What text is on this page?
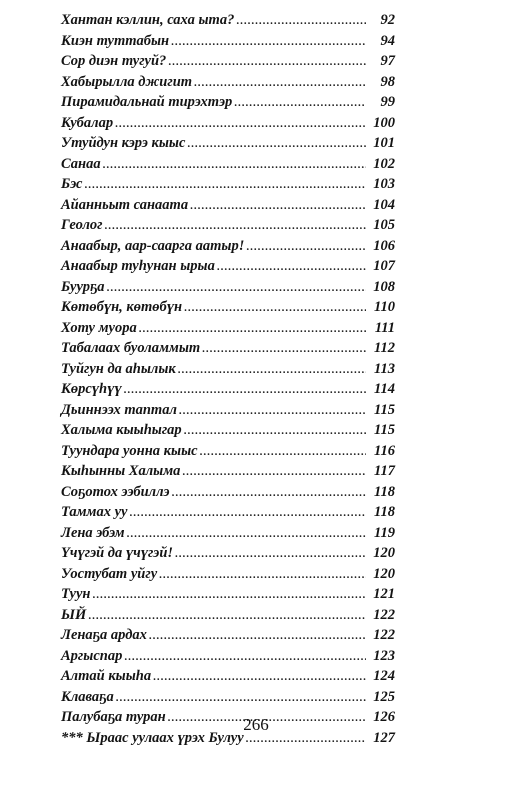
Хантан кэллин, саха ыта? .....	92
Киэн туттабын .....	94
Сор диэн тугуй? .....	97
Хабырылла джигит .....	98
Пирамидальнай тирэхтэр .....	99
Кубалар .....	100
Утуйдун кэрэ кыыс .....	101
Санаа .....	102
Бэс .....	103
Айанньыт санаата .....	104
Геолог .....	105
Анаабыр, аар-саарга аатыр! .....	106
Анаабыр туһунан ырыа .....	107
Буурҕа .....	108
Көтөбүн, көтөбүн .....	110
Хоту муора .....	111
Табалаах буоламмыт .....	112
Туйгун да аһылык .....	113
Көрсүһүү .....	114
Дьиннээх таптал .....	115
Халыма кыыһыгар .....	115
Туундара уонна кыыс .....	116
Кыһынны Халыма .....	117
Соҕотох ээбиллэ .....	118
Таммах уу .....	118
Лена эбэм .....	119
Үчүгэй да үчүгэй! .....	120
Уостубат уйгу .....	120
Туун .....	121
ЫЙ .....	122
Ленаҕа ардах .....	122
Аргыспар .....	123
Алтай кыыһа .....	124
Клаваҕа .....	125
Палубаҕа туран .....	126
*** Ыраас уулаах үрэх Булуу .....	127
266
